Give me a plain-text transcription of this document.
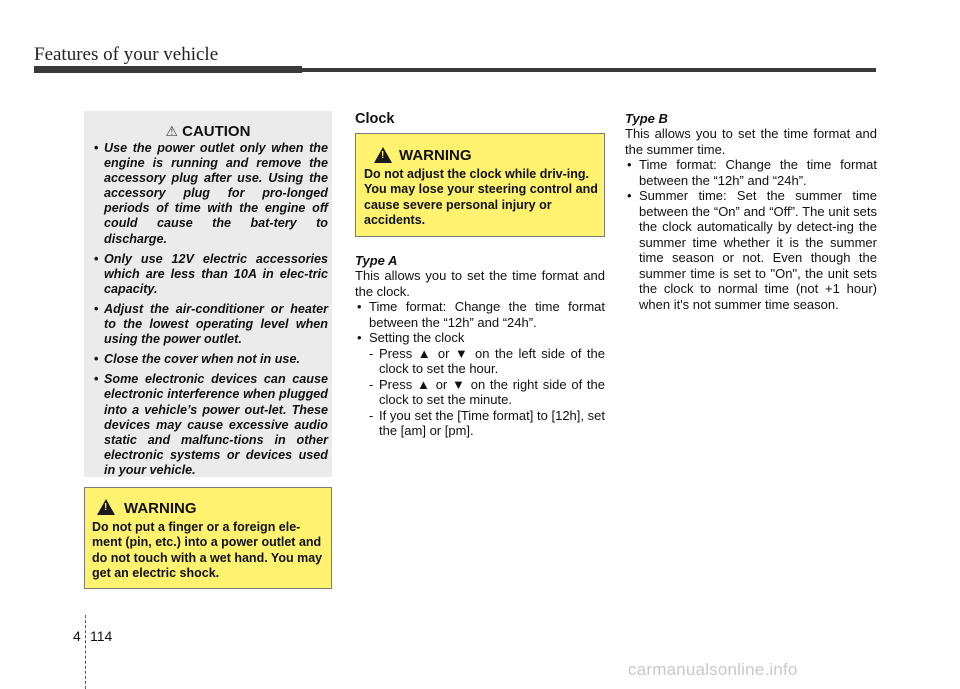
Features of your vehicle
⚠ CAUTION
• Use the power outlet only when the engine is running and remove the accessory plug after use. Using the accessory plug for pro-longed periods of time with the engine off could cause the bat-tery to discharge.
• Only use 12V electric accessories which are less than 10A in elec-tric capacity.
• Adjust the air-conditioner or heater to the lowest operating level when using the power outlet.
• Close the cover when not in use.
• Some electronic devices can cause electronic interference when plugged into a vehicle’s power out-let. These devices may cause excessive audio static and malfunc-tions in other electronic systems or devices used in your vehicle.
! WARNING
Do not put a finger or a foreign ele-ment (pin, etc.) into a power outlet and do not touch with a wet hand. You may get an electric shock.
Clock
! WARNING
Do not adjust the clock while driv-ing. You may lose your steering control and cause severe personal injury or accidents.
Type A
This allows you to set the time format and the clock.
• Time format: Change the time format between the “12h” and “24h”.
• Setting the clock
- Press ▲ or ▼ on the left side of the clock to set the hour.
- Press ▲ or ▼ on the right side of the clock to set the minute.
- If you set the [Time format] to [12h], set the [am] or [pm].
Type B
This allows you to set the time format and the summer time.
• Time format: Change the time format between the “12h” and “24h”.
• Summer time: Set the summer time between the “On” and “Off”. The unit sets the clock automatically by detect-ing the summer time whether it is the summer time season or not. Even though the summer time is set to "On", the unit sets the clock to normal time (not +1 hour) when it's not summer time season.
4 114
carmanualsonline.info
